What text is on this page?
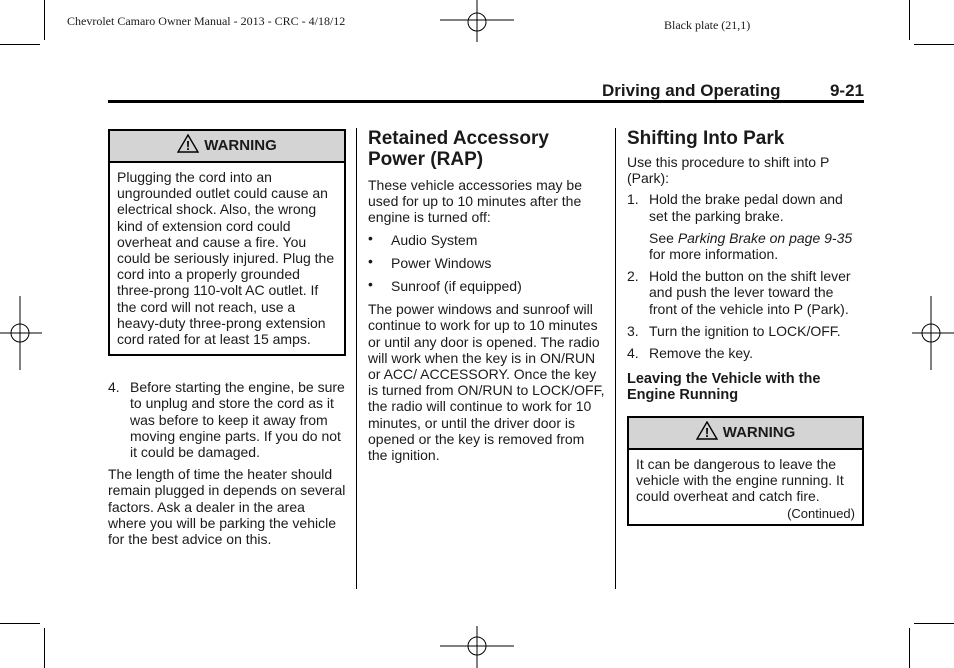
Chevrolet Camaro Owner Manual - 2013 - CRC - 4/18/12	Black plate (21,1)
Driving and Operating	9-21
! WARNING
Plugging the cord into an ungrounded outlet could cause an electrical shock. Also, the wrong kind of extension cord could overheat and cause a fire. You could be seriously injured. Plug the cord into a properly grounded three-prong 110-volt AC outlet. If the cord will not reach, use a heavy-duty three-prong extension cord rated for at least 15 amps.
4. Before starting the engine, be sure to unplug and store the cord as it was before to keep it away from moving engine parts. If you do not it could be damaged.

The length of time the heater should remain plugged in depends on several factors. Ask a dealer in the area where you will be parking the vehicle for the best advice on this.

Retained Accessory Power (RAP)

These vehicle accessories may be used for up to 10 minutes after the engine is turned off:

• Audio System
• Power Windows
• Sunroof (if equipped)

The power windows and sunroof will continue to work for up to 10 minutes or until any door is opened. The radio will work when the key is in ON/RUN or ACC/ ACCESSORY. Once the key is turned from ON/RUN to LOCK/OFF, the radio will continue to work for 10 minutes, or until the driver door is opened or the key is removed from the ignition.

Shifting Into Park

Use this procedure to shift into P (Park):

1. Hold the brake pedal down and set the parking brake.

See Parking Brake on page 9-35 for more information.

2. Hold the button on the shift lever and push the lever toward the front of the vehicle into P (Park).
3. Turn the ignition to LOCK/OFF.
4. Remove the key.

Leaving the Vehicle with the Engine Running

! WARNING
It can be dangerous to leave the vehicle with the engine running. It could overheat and catch fire.
(Continued)
